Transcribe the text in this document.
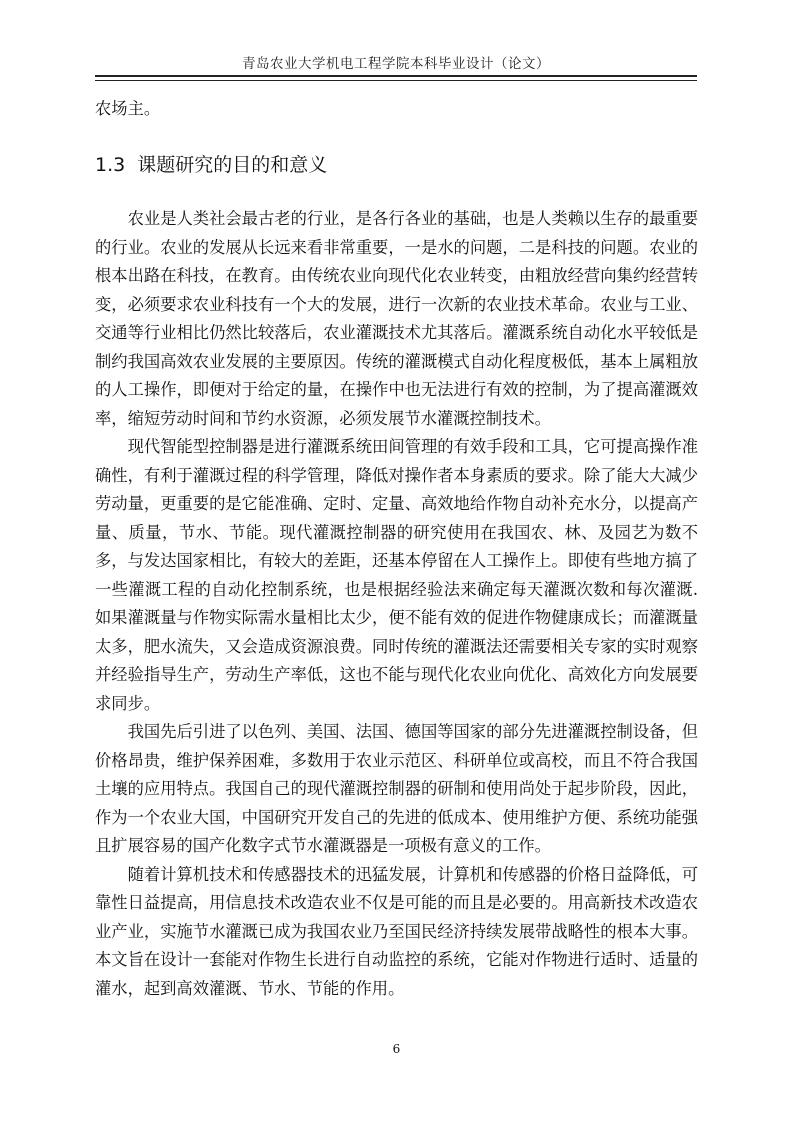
青岛农业大学机电工程学院本科毕业设计（论文）
农场主。
1.3 课题研究的目的和意义

农业是人类社会最古老的行业，是各行各业的基础，也是人类赖以生存的最重要的行业。农业的发展从长远来看非常重要，一是水的问题，二是科技的问题。农业的根本出路在科技，在教育。由传统农业向现代化农业转变，由粗放经营向集约经营转变，必须要求农业科技有一个大的发展，进行一次新的农业技术革命。农业与工业、交通等行业相比仍然比较落后，农业灌溉技术尤其落后。灌溉系统自动化水平较低是制约我国高效农业发展的主要原因。传统的灌溉模式自动化程度极低，基本上属粗放的人工操作，即便对于给定的量，在操作中也无法进行有效的控制，为了提高灌溉效率，缩短劳动时间和节约水资源，必须发展节水灌溉控制技术。

现代智能型控制器是进行灌溉系统田间管理的有效手段和工具，它可提高操作准确性，有利于灌溉过程的科学管理，降低对操作者本身素质的要求。除了能大大减少劳动量，更重要的是它能准确、定时、定量、高效地给作物自动补充水分，以提高产量、质量，节水、节能。现代灌溉控制器的研究使用在我国农、林、及园艺为数不多，与发达国家相比，有较大的差距，还基本停留在人工操作上。即使有些地方搞了一些灌溉工程的自动化控制系统，也是根据经验法来确定每天灌溉次数和每次灌溉. 如果灌溉量与作物实际需水量相比太少，便不能有效的促进作物健康成长；而灌溉量太多，肥水流失，又会造成资源浪费。同时传统的灌溉法还需要相关专家的实时观察并经验指导生产，劳动生产率低，这也不能与现代化农业向优化、高效化方向发展要求同步。

我国先后引进了以色列、美国、法国、德国等国家的部分先进灌溉控制设备，但价格昂贵，维护保养困难，多数用于农业示范区、科研单位或高校，而且不符合我国土壤的应用特点。我国自己的现代灌溉控制器的研制和使用尚处于起步阶段，因此，作为一个农业大国，中国研究开发自己的先进的低成本、使用维护方便、系统功能强且扩展容易的国产化数字式节水灌溉器是一项极有意义的工作。

随着计算机技术和传感器技术的迅猛发展，计算机和传感器的价格日益降低，可靠性日益提高，用信息技术改造农业不仅是可能的而且是必要的。用高新技术改造农业产业，实施节水灌溉已成为我国农业乃至国民经济持续发展带战略性的根本大事。本文旨在设计一套能对作物生长进行自动监控的系统，它能对作物进行适时、适量的灌水，起到高效灌溉、节水、节能的作用。

6
